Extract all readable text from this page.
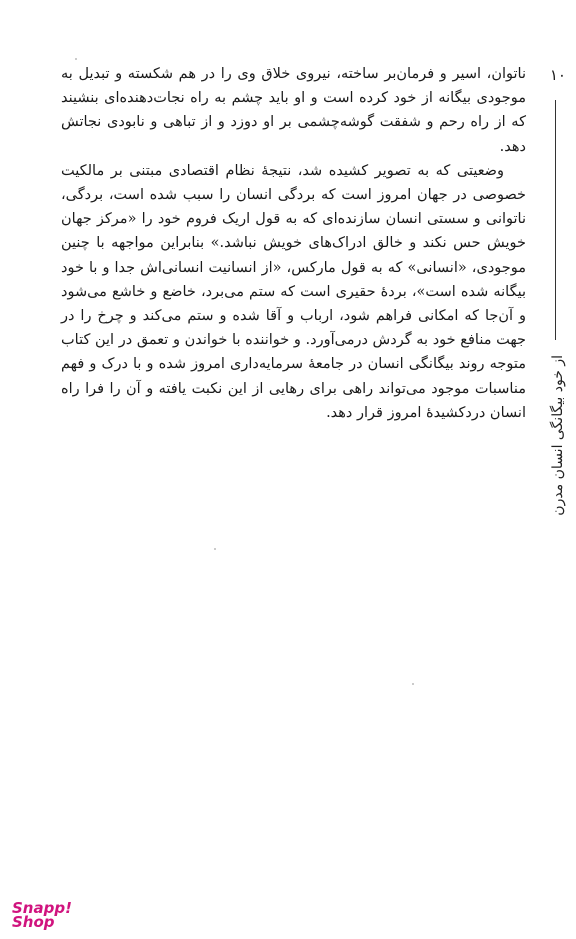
۱۰
از خود بیگانگی انسان مدرن

ناتوان، اسیر و فرمان‌بر ساخته، نیروی خلاق وی را در هم شکسته و تبدیل به موجودی بیگانه از خود کرده است و او باید چشم به راه نجات‌دهنده‌ای بنشیند که از راه رحم و شفقت گوشه‌چشمی بر او دوزد و از تباهی و نابودی نجاتش دهد.

وضعیتی که به تصویر کشیده شد، نتیجهٔ نظام اقتصادی مبتنی بر مالکیت خصوصی در جهان امروز است که بردگی انسان را سبب شده است، بردگی، ناتوانی و سستی انسان سازنده‌ای که به قول اریک فروم خود را «مرکز جهان خویش حس نکند و خالق ادراک‌های خویش نباشد.» بنابراین مواجهه با چنین موجودی، «انسانی» که به قول مارکس، «از انسانیت انسانی‌اش جدا و با خود بیگانه شده است»، بردهٔ حقیری است که ستم می‌برد، خاضع و خاشع می‌شود و آن‌جا که امکانی فراهم شود، ارباب و آقا شده و ستم می‌کند و چرخ را در جهت منافع خود به گردش درمی‌آورد. و خواننده با خواندن و تعمق در این کتاب متوجه روند بیگانگی انسان در جامعهٔ سرمایه‌داری امروز شده و با درک و فهم مناسبات موجود می‌تواند راهی برای رهایی از این نکبت یافته و آن را فرا راه انسان دردکشیدهٔ امروز قرار دهد.

Snapp!
Shop
